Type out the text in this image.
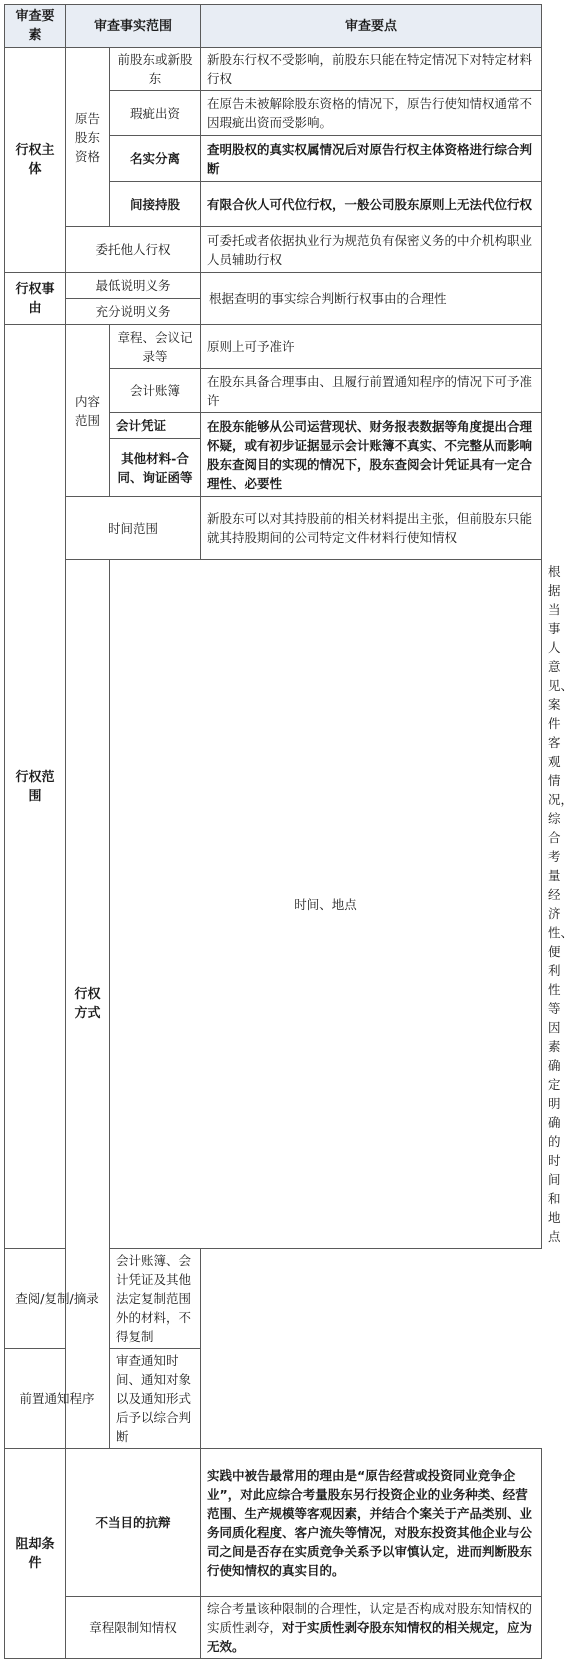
审查要素	审查事实范围		审查要点	
行权主体	原告股东资格	前股东或新股东	新股东行权不受影响，前股东只能在特定情况下对特定材料行权	
		瑕疵出资	在原告未被解除股东资格的情况下，原告行使知情权通常不因瑕疵出资而受影响。	
		名实分离	查明股权的真实权属情况后对原告行权主体资格进行综合判断	
		间接持股	有限合伙人可代位行权，一般公司股东原则上无法代位行权	
	委托他人行权		可委托或者依据执业行为规范负有保密义务的中介机构职业人员辅助行权	
行权事由	最低说明义务		根据查明的事实综合判断行权事由的合理性	
	充分说明义务			
行权范围	内容范围	章程、会议记录等	原则上可予准许	
		会计账簿	在股东具备合理事由、且履行前置通知程序的情况下可予准许	
		会计凭证	在股东能够从公司运营现状、财务报表数据等角度提出合理怀疑，或有初步证据显示会计账簿不真实、不完整从而影响股东查阅目的实现的情况下，股东查阅会计凭证具有一定合理性、必要性	
		其他材料-合同、询证函等		
	时间范围		新股东可以对其持股前的相关材料提出主张，但前股东只能就其持股期间的公司特定文件材料行使知情权	
	行权方式	时间、地点		根据当事人意见、案件客观情况，综合考量经济性、便利性等因素确定明确的时间和地点
查阅/复制/摘录		会计账簿、会计凭证及其他法定复制范围外的材料，不得复制		
前置通知程序		审查通知时间、通知对象以及通知形式后予以综合判断		
阻却条件	不当目的抗辩		实践中被告最常用的理由是“原告经营或投资同业竞争企业”，对此应综合考量股东另行投资企业的业务种类、经营范围、生产规模等客观因素，并结合个案关于产品类别、业务同质化程度、客户流失等情况，对股东投资其他企业与公司之间是否存在实质竞争关系予以审慎认定，进而判断股东行使知情权的真实目的。	
	章程限制知情权		综合考量该种限制的合理性，认定是否构成对股东知情权的实质性剥夺，对于实质性剥夺股东知情权的相关规定，应为无效。	
